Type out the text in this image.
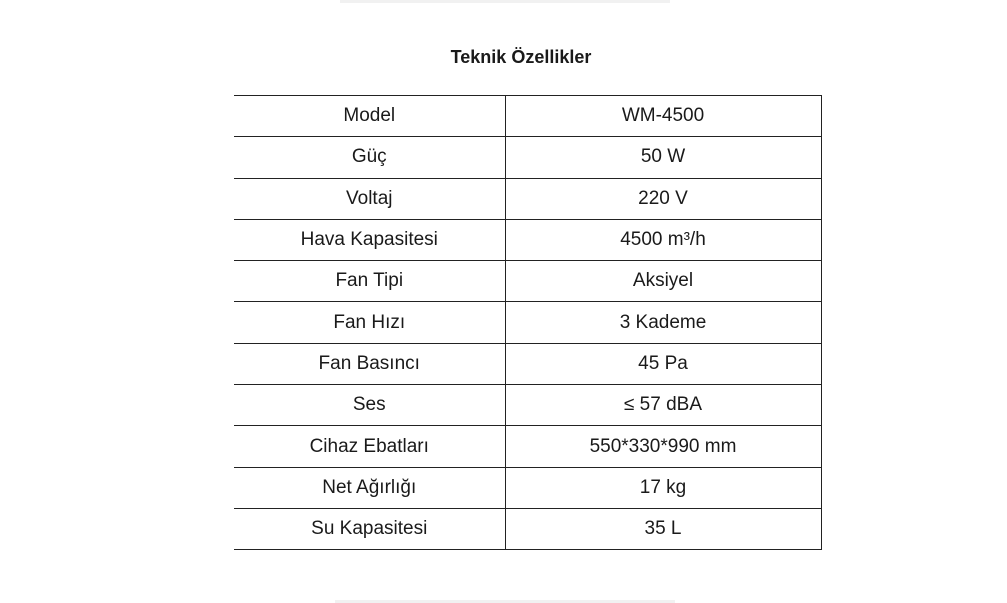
Teknik Özellikler
Model	WM-4500
Güç	50 W
Voltaj	220 V
Hava Kapasitesi	4500 m³/h
Fan Tipi	Aksiyel
Fan Hızı	3 Kademe
Fan Basıncı	45 Pa
Ses	≤ 57 dBA
Cihaz Ebatları	550*330*990 mm
Net Ağırlığı	17 kg
Su Kapasitesi	35 L
